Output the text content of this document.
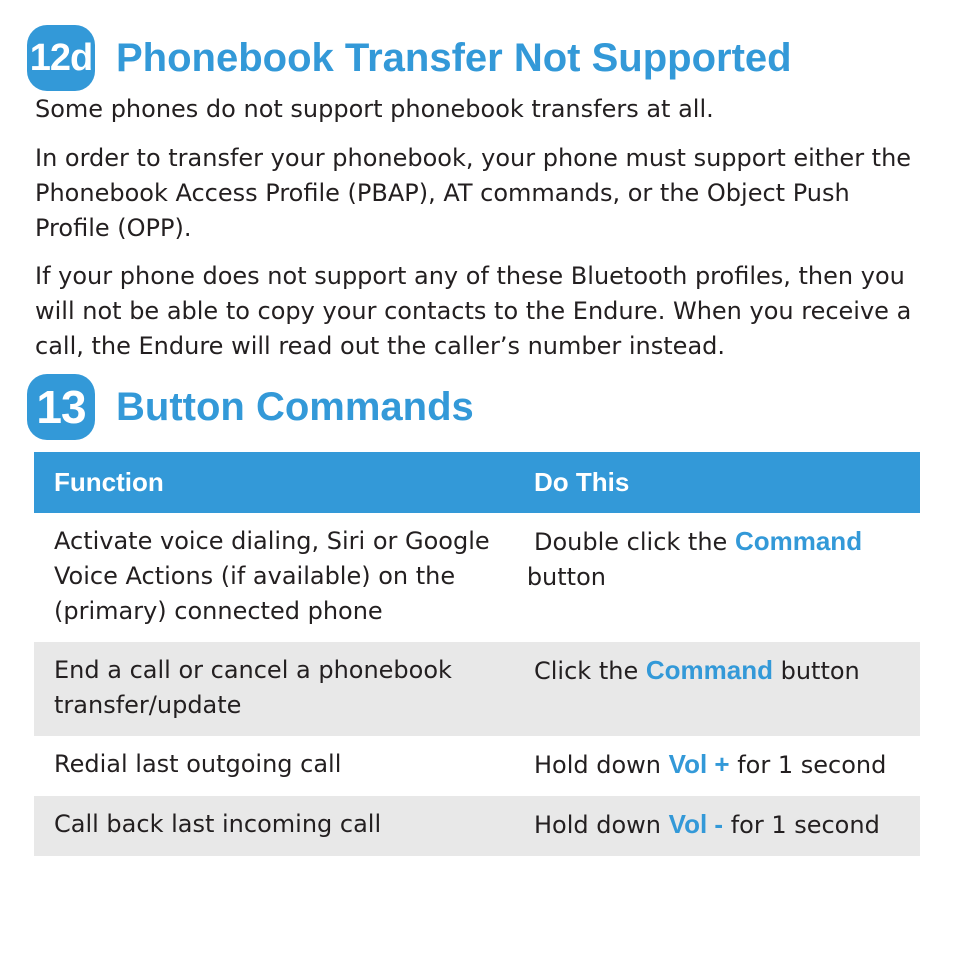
12d Phonebook Transfer Not Supported

Some phones do not support phonebook transfers at all.

In order to transfer your phonebook, your phone must support either the Phonebook Access Profile (PBAP), AT commands, or the Object Push Profile (OPP).

If your phone does not support any of these Bluetooth profiles, then you will not be able to copy your contacts to the Endure. When you receive a call, the Endure will read out the caller’s number instead.

13 Button Commands
Function	Do This
Activate voice dialing, Siri or Google Voice Actions (if available) on the (primary) connected phone	Double click the Command
button
End a call or cancel a phonebook transfer/update	Click the Command button
Redial last outgoing call	Hold down Vol + for 1 second
Call back last incoming call	Hold down Vol - for 1 second
